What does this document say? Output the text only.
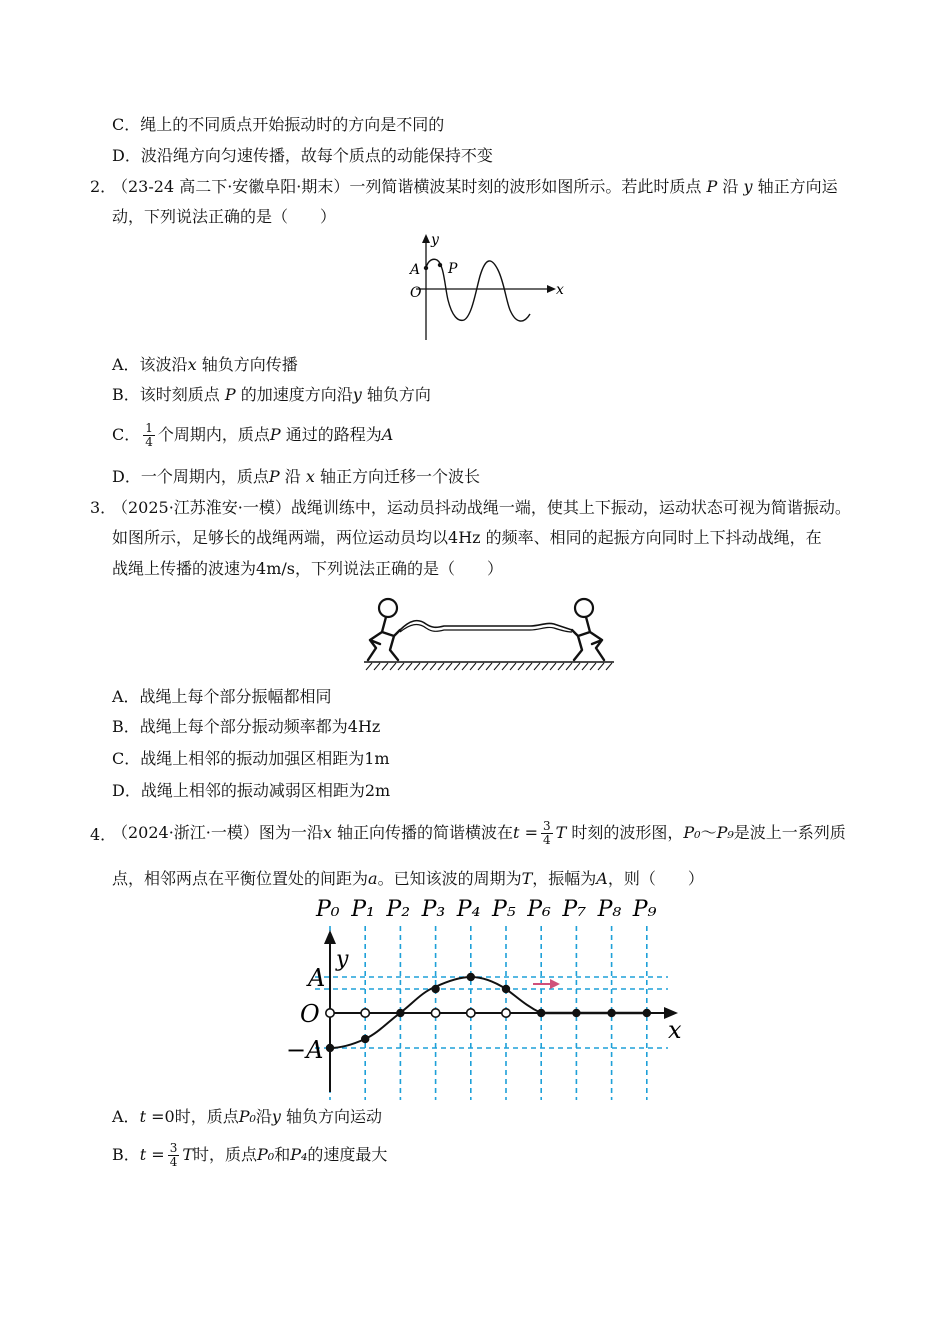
C．绳上的不同质点开始振动时的方向是不同的
D．波沿绳方向匀速传播，故每个质点的动能保持不变
2．
（23-24 高二下·安徽阜阳·期末）一列简谐横波某时刻的波形如图所示。若此时质点 P 沿 y 轴正方向运
动，下列说法正确的是（　　）
A
O
y
x
P
A．该波沿x 轴负方向传播
B．该时刻质点 P 的加速度方向沿y 轴负方向
C． $\frac{1}{4}$ 个周期内，质点P 通过的路程为A
D．一个周期内，质点P 沿 x 轴正方向迁移一个波长
3．
（2025·江苏淮安·一模）战绳训练中，运动员抖动战绳一端，使其上下振动，运动状态可视为简谐振动。
如图所示，足够长的战绳两端，两位运动员均以4Hz 的频率、相同的起振方向同时上下抖动战绳，在
战绳上传播的波速为4m/s，下列说法正确的是（　　）
A．战绳上每个部分振幅都相同
B．战绳上每个部分振动频率都为4Hz
C．战绳上相邻的振动加强区相距为1m
D．战绳上相邻的振动减弱区相距为2m
4．
（2024·浙江·一模）图为一沿x 轴正向传播的简谐横波在$t = \frac{3}{4}$ T 时刻的波形图，P₀～P₉是波上一系列质
点，相邻两点在平衡位置处的间距为a。已知该波的周期为T，振幅为A，则（　　）
P₀ P₁ P₂ P₃ P₄ P₅ P₆ P₇ P₈ P₉
A
O
−A
y
x
A．t =0时，质点P₀沿y 轴负方向运动
B．$t = \frac{3}{4}$ T时，质点P₀和P₄的速度最大
